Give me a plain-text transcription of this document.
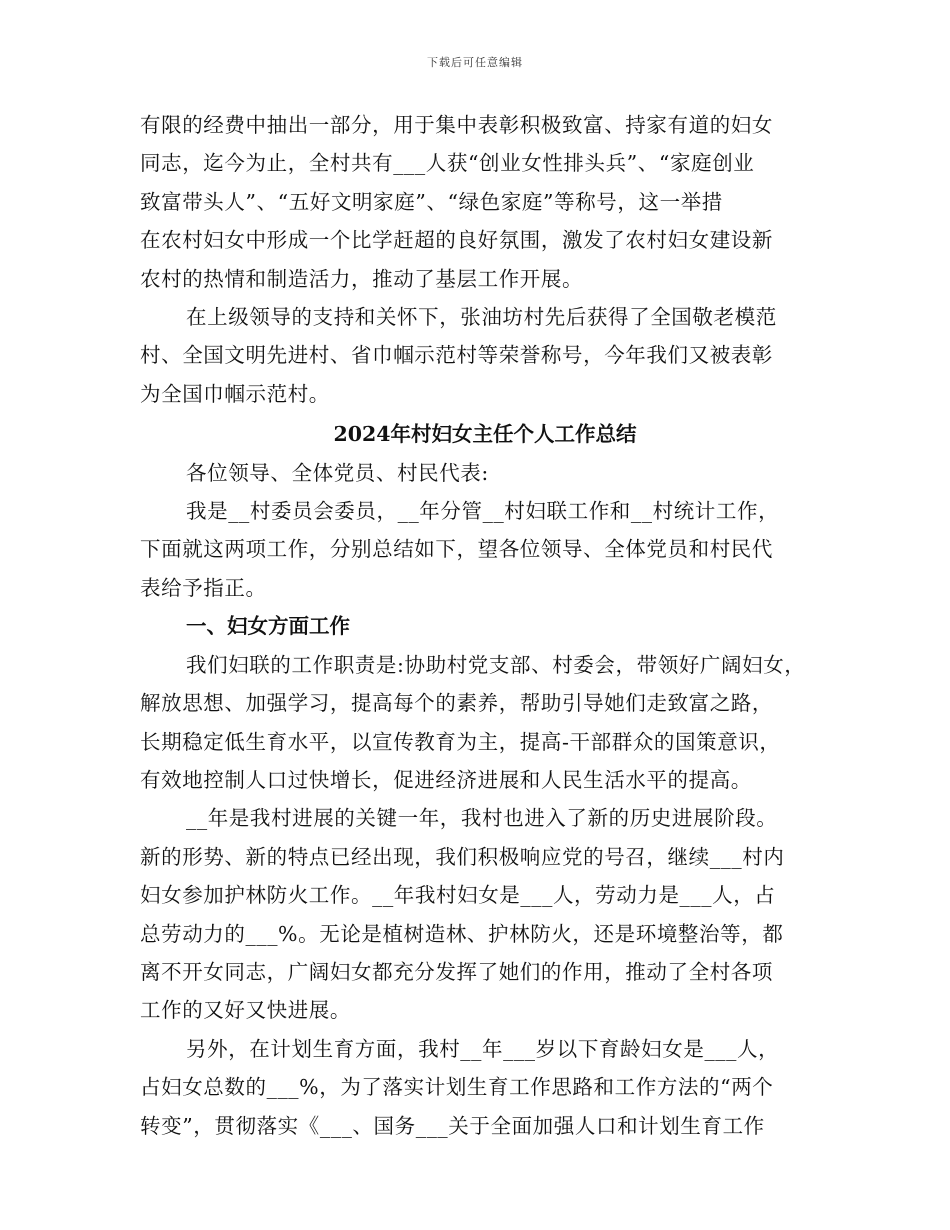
下载后可任意编辑

有限的经费中抽出一部分，用于集中表彰积极致富、持家有道的妇女
同志，迄今为止，全村共有___人获“创业女性排头兵”、“家庭创业
致富带头人”、“五好文明家庭”、“绿色家庭”等称号，这一举措
在农村妇女中形成一个比学赶超的良好氛围，激发了农村妇女建设新
农村的热情和制造活力，推动了基层工作开展。

在上级领导的支持和关怀下，张油坊村先后获得了全国敬老模范
村、全国文明先进村、省巾帼示范村等荣誉称号，今年我们又被表彰
为全国巾帼示范村。

2024年村妇女主任个人工作总结

各位领导、全体党员、村民代表:

我是__村委员会委员，__年分管__村妇联工作和__村统计工作，
下面就这两项工作，分别总结如下，望各位领导、全体党员和村民代
表给予指正。

一、妇女方面工作

我们妇联的工作职责是:协助村党支部、村委会，带领好广阔妇女，
解放思想、加强学习，提高每个的素养，帮助引导她们走致富之路，
长期稳定低生育水平，以宣传教育为主，提高-干部群众的国策意识，
有效地控制人口过快增长，促进经济进展和人民生活水平的提高。

__年是我村进展的关键一年，我村也进入了新的历史进展阶段。
新的形势、新的特点已经出现，我们积极响应党的号召，继续___村内
妇女参加护林防火工作。__年我村妇女是___人，劳动力是___人，占
总劳动力的___%。无论是植树造林、护林防火，还是环境整治等，都
离不开女同志，广阔妇女都充分发挥了她们的作用，推动了全村各项
工作的又好又快进展。

另外，在计划生育方面，我村__年___岁以下育龄妇女是___人，
占妇女总数的___%，为了落实计划生育工作思路和工作方法的“两个
转变”，贯彻落实《___、国务___关于全面加强人口和计划生育工作
